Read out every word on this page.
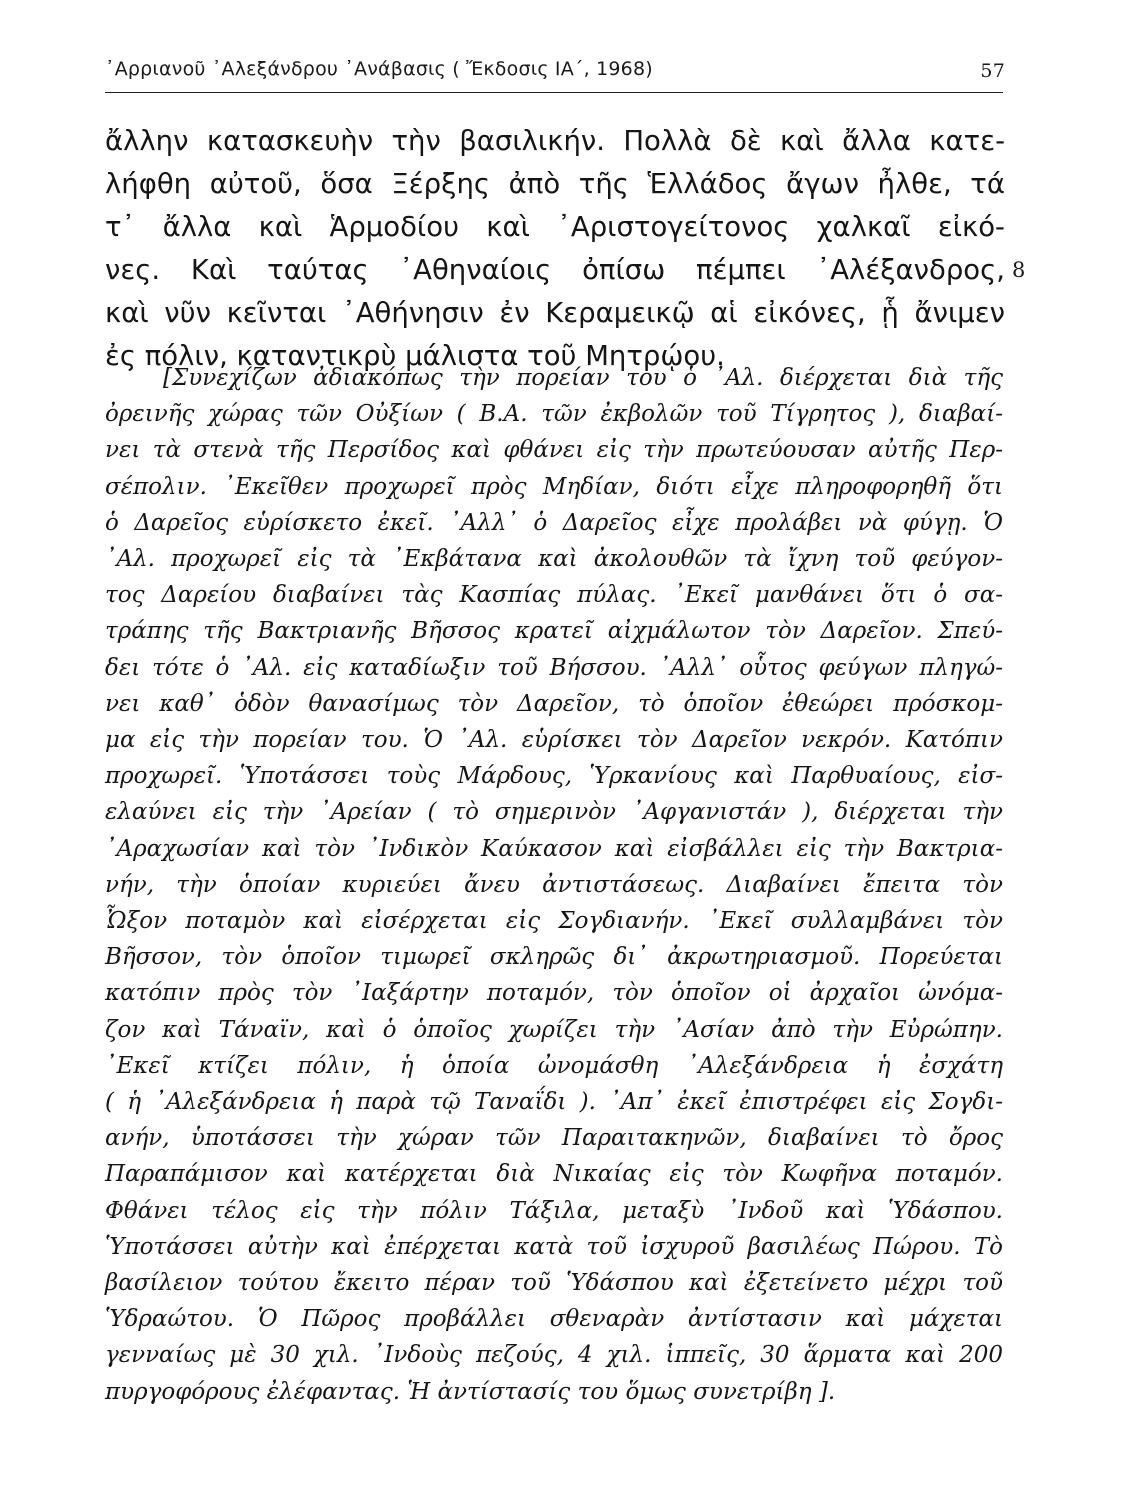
᾿Αρριανοῦ ᾿Αλεξάνδρου ᾿Ανάβασις ( Ἔκδοσις ΙΑ΄, 1968)	57
ἄλλην κατασκευὴν τὴν βασιλικήν. Πολλὰ δὲ καὶ ἄλλα κατε-
λήφθη αὐτοῦ, ὅσα Ξέρξης ἀπὸ τῆς Ἑλλάδος ἄγων ἦλθε, τά
τ᾿ ἄλλα καὶ Ἁρμοδίου καὶ ᾿Αριστογείτονος χαλκαῖ εἰκό-
νες. Καὶ ταύτας ᾿Αθηναίοις ὀπίσω πέμπει ᾿Αλέξανδρος,
καὶ νῦν κεῖνται ᾿Αθήνησιν ἐν Κεραμεικῷ αἱ εἰκόνες, ᾗ ἄνιμεν
ἐς πόλιν, καταντικρὺ μάλιστα τοῦ Μητρῴου.
8
[Συνεχίζων ἀδιακόπως τὴν πορείαν του ὁ ᾿Αλ. διέρχεται διὰ τῆς
ὀρεινῆς χώρας τῶν Οὐξίων ( Β.Α. τῶν ἐκβολῶν τοῦ Τίγρητος ), διαβαί-
νει τὰ στενὰ τῆς Περσίδος καὶ φθάνει εἰς τὴν πρωτεύουσαν αὐτῆς Περ-
σέπολιν. ᾿Εκεῖθεν προχωρεῖ πρὸς Μηδίαν, διότι εἶχε πληροφορηθῆ ὅτι
ὁ Δαρεῖος εὑρίσκετο ἐκεῖ. ᾿Αλλ᾿ ὁ Δαρεῖος εἶχε προλάβει νὰ φύγῃ. Ὁ
᾿Αλ. προχωρεῖ εἰς τὰ ᾿Εκβάτανα καὶ ἀκολουθῶν τὰ ἴχνη τοῦ φεύγον-
τος Δαρείου διαβαίνει τὰς Κασπίας πύλας. ᾿Εκεῖ μανθάνει ὅτι ὁ σα-
τράπης τῆς Βακτριανῆς Βῆσσος κρατεῖ αἰχμάλωτον τὸν Δαρεῖον. Σπεύ-
δει τότε ὁ ᾿Αλ. εἰς καταδίωξιν τοῦ Βήσσου. ᾿Αλλ᾿ οὗτος φεύγων πληγώ-
νει καθ᾿ ὁδὸν θανασίμως τὸν Δαρεῖον, τὸ ὁποῖον ἐθεώρει πρόσκομ-
μα εἰς τὴν πορείαν του. Ὁ ᾿Αλ. εὑρίσκει τὸν Δαρεῖον νεκρόν. Κατόπιν
προχωρεῖ. Ὑποτάσσει τοὺς Μάρδους, Ὑρκανίους καὶ Παρθυαίους, εἰσ-
ελαύνει εἰς τὴν ᾿Αρείαν ( τὸ σημερινὸν ᾿Αφγανιστάν ), διέρχεται τὴν
᾿Αραχωσίαν καὶ τὸν ᾿Ινδικὸν Καύκασον καὶ εἰσβάλλει εἰς τὴν Βακτρια-
νήν, τὴν ὁποίαν κυριεύει ἄνευ ἀντιστάσεως. Διαβαίνει ἔπειτα τὸν
Ὦξον ποταμὸν καὶ εἰσέρχεται εἰς Σογδιανήν. ᾿Εκεῖ συλλαμβάνει τὸν
Βῆσσον, τὸν ὁποῖον τιμωρεῖ σκληρῶς δι᾿ ἀκρωτηριασμοῦ. Πορεύεται
κατόπιν πρὸς τὸν ᾿Ιαξάρτην ποταμόν, τὸν ὁποῖον οἱ ἀρχαῖοι ὠνόμα-
ζον καὶ Τάναϊν, καὶ ὁ ὁποῖος χωρίζει τὴν ᾿Ασίαν ἀπὸ τὴν Εὐρώπην.
᾿Εκεῖ κτίζει πόλιν, ἡ ὁποία ὠνομάσθη ᾿Αλεξάνδρεια ἡ ἐσχάτη
( ἡ ᾿Αλεξάνδρεια ἡ παρὰ τῷ Ταναΐδι ). ᾿Απ᾿ ἐκεῖ ἐπιστρέφει εἰς Σογδι-
ανήν, ὑποτάσσει τὴν χώραν τῶν Παραιτακηνῶν, διαβαίνει τὸ ὄρος
Παραπάμισον καὶ κατέρχεται διὰ Νικαίας εἰς τὸν Κωφῆνα ποταμόν.
Φθάνει τέλος εἰς τὴν πόλιν Τάξιλα, μεταξὺ ᾿Ινδοῦ καὶ Ὑδάσπου.
Ὑποτάσσει αὐτὴν καὶ ἐπέρχεται κατὰ τοῦ ἰσχυροῦ βασιλέως Πώρου. Τὸ
βασίλειον τούτου ἔκειτο πέραν τοῦ Ὑδάσπου καὶ ἐξετείνετο μέχρι τοῦ
Ὑδραώτου. Ὁ Πῶρος προβάλλει σθεναρὰν ἀντίστασιν καὶ μάχεται
γενναίως μὲ 30 χιλ. ᾿Ινδοὺς πεζούς, 4 χιλ. ἱππεῖς, 30 ἅρματα καὶ 200
πυργοφόρους ἐλέφαντας. Ἡ ἀντίστασίς του ὅμως συνετρίβη ].
